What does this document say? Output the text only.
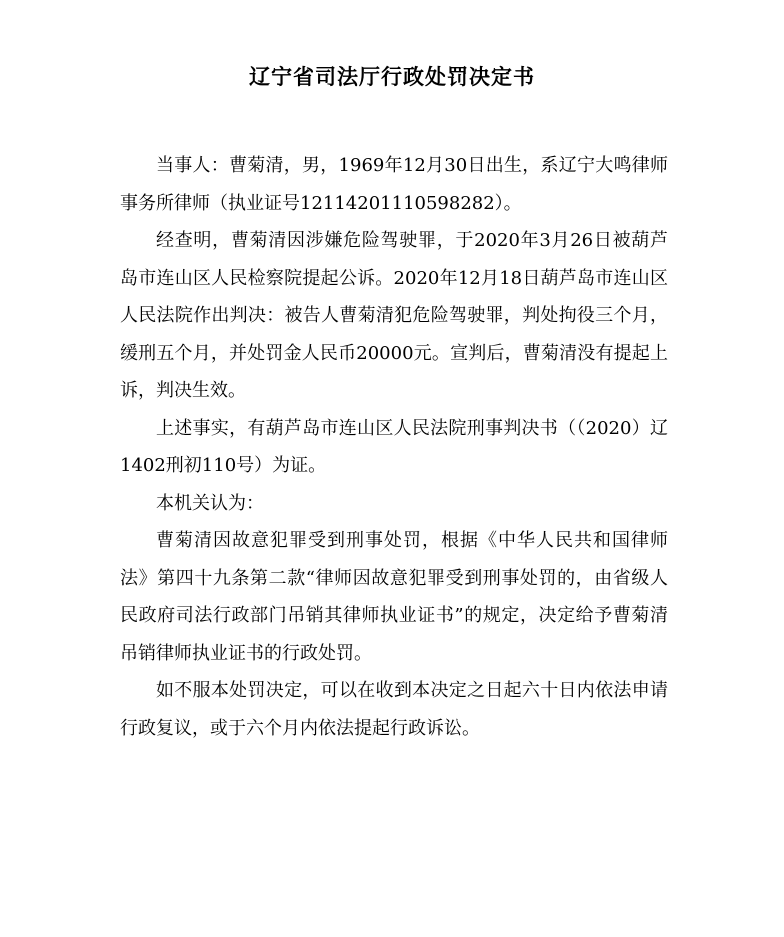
辽宁省司法厅行政处罚决定书

当事人：曹菊清，男，1969年12月30日出生，系辽宁大鸣律师事务所律师（执业证号12114201110598282）。

经查明，曹菊清因涉嫌危险驾驶罪，于2020年3月26日被葫芦岛市连山区人民检察院提起公诉。2020年12月18日葫芦岛市连山区人民法院作出判决：被告人曹菊清犯危险驾驶罪，判处拘役三个月，缓刑五个月，并处罚金人民币20000元。宣判后，曹菊清没有提起上诉，判决生效。

上述事实，有葫芦岛市连山区人民法院刑事判决书（（2020）辽1402刑初110号）为证。

本机关认为：

曹菊清因故意犯罪受到刑事处罚，根据《中华人民共和国律师法》第四十九条第二款“律师因故意犯罪受到刑事处罚的，由省级人民政府司法行政部门吊销其律师执业证书”的规定，决定给予曹菊清吊销律师执业证书的行政处罚。

如不服本处罚决定，可以在收到本决定之日起六十日内依法申请行政复议，或于六个月内依法提起行政诉讼。
